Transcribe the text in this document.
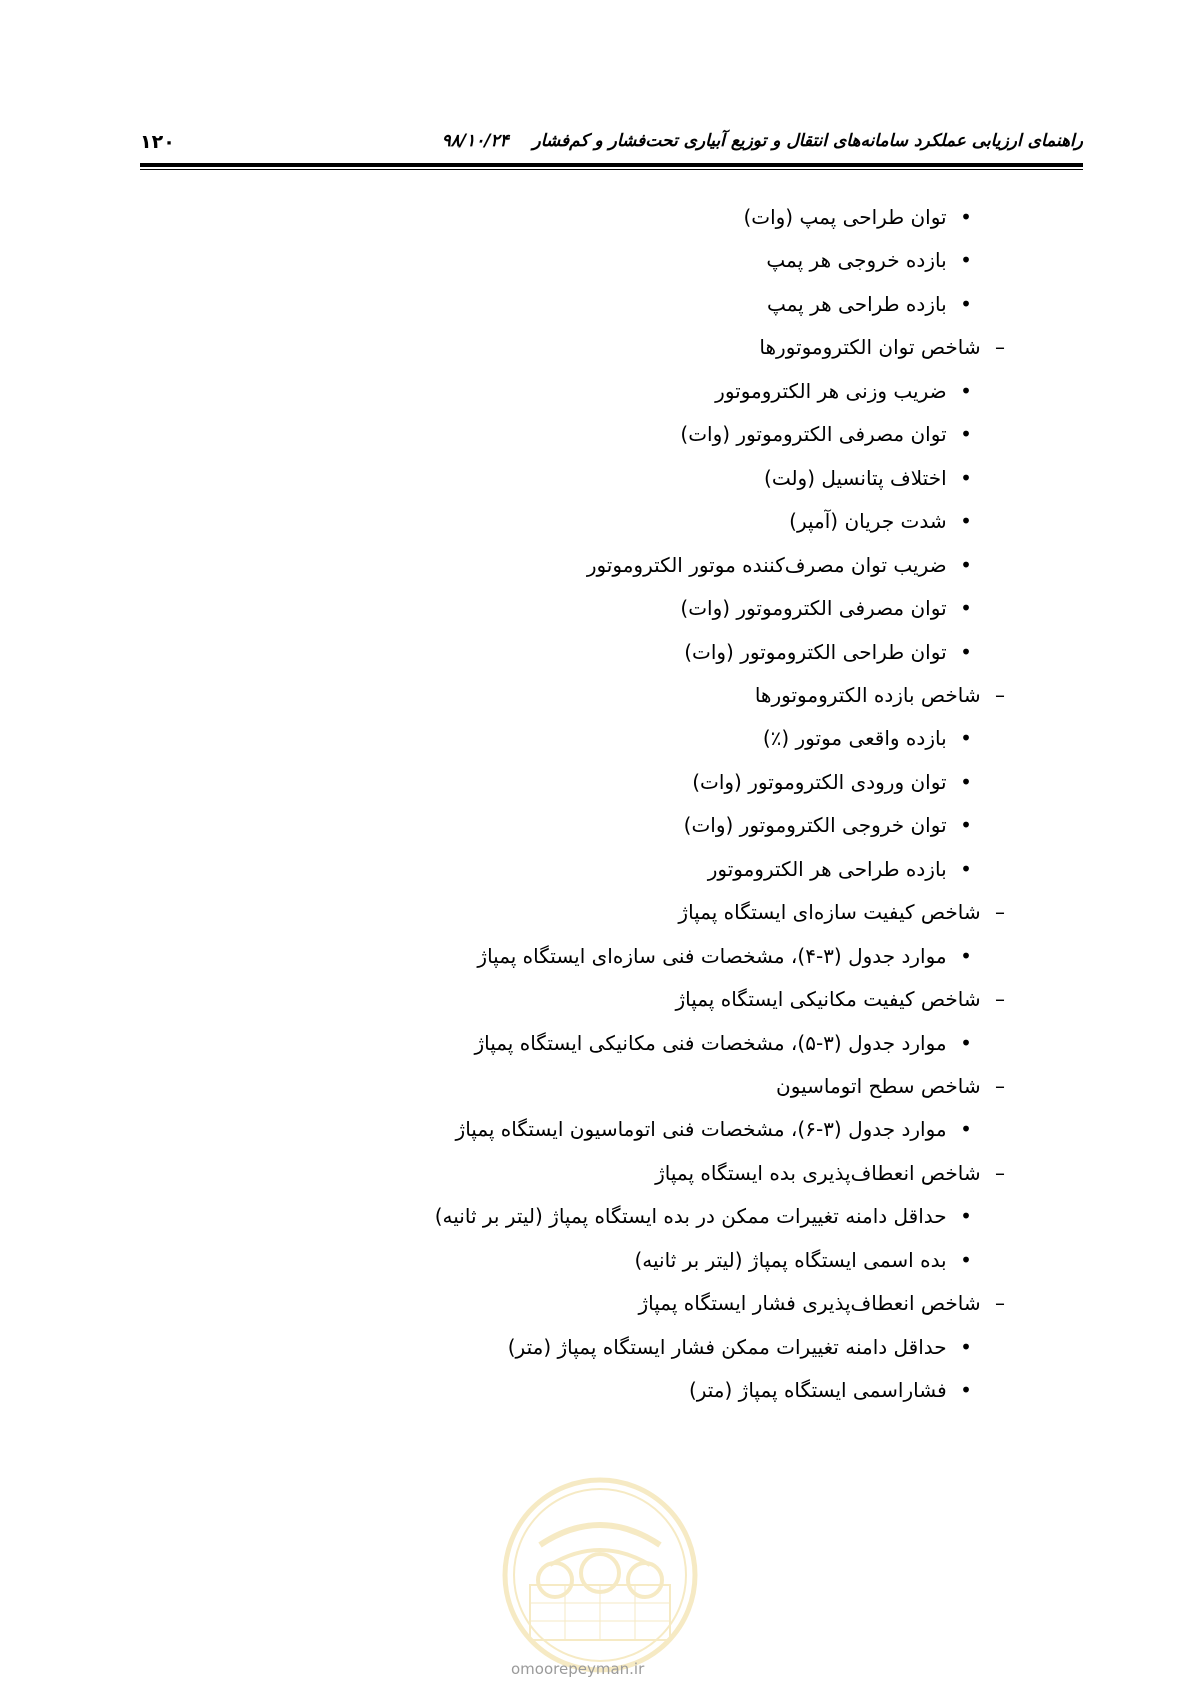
۱۲۰	راهنمای ارزیابی عملکرد سامانه‌های انتقال و توزیع آبیاری تحت‌فشار و کم‌فشار    ۹۸/۱۰/۲۴
• توان طراحی پمپ (وات)
• بازده خروجی هر پمپ
• بازده طراحی هر پمپ
– شاخص توان الکتروموتورها
• ضریب وزنی هر الکتروموتور
• توان مصرفی الکتروموتور (وات)
• اختلاف پتانسیل (ولت)
• شدت جریان (آمپر)
• ضریب توان مصرف‌کننده موتور الکتروموتور
• توان مصرفی الکتروموتور (وات)
• توان طراحی الکتروموتور (وات)
– شاخص بازده الکتروموتورها
• بازده واقعی موتور (٪)
• توان ورودی الکتروموتور (وات)
• توان خروجی الکتروموتور (وات)
• بازده طراحی هر الکتروموتور
– شاخص کیفیت سازه‌ای ایستگاه پمپاژ
• موارد جدول (۳-۴)، مشخصات فنی سازه‌ای ایستگاه پمپاژ
– شاخص کیفیت مکانیکی ایستگاه پمپاژ
• موارد جدول (۳-۵)، مشخصات فنی مکانیکی ایستگاه پمپاژ
– شاخص سطح اتوماسیون
• موارد جدول (۳-۶)، مشخصات فنی اتوماسیون ایستگاه پمپاژ
– شاخص انعطاف‌پذیری بده ایستگاه پمپاژ
• حداقل دامنه تغییرات ممکن در بده ایستگاه پمپاژ (لیتر بر ثانیه)
• بده اسمی ایستگاه پمپاژ (لیتر بر ثانیه)
– شاخص انعطاف‌پذیری فشار ایستگاه پمپاژ
• حداقل دامنه تغییرات ممکن فشار ایستگاه پمپاژ (متر)
• فشاراسمی ایستگاه پمپاژ (متر)
omoorepeyman.ir
